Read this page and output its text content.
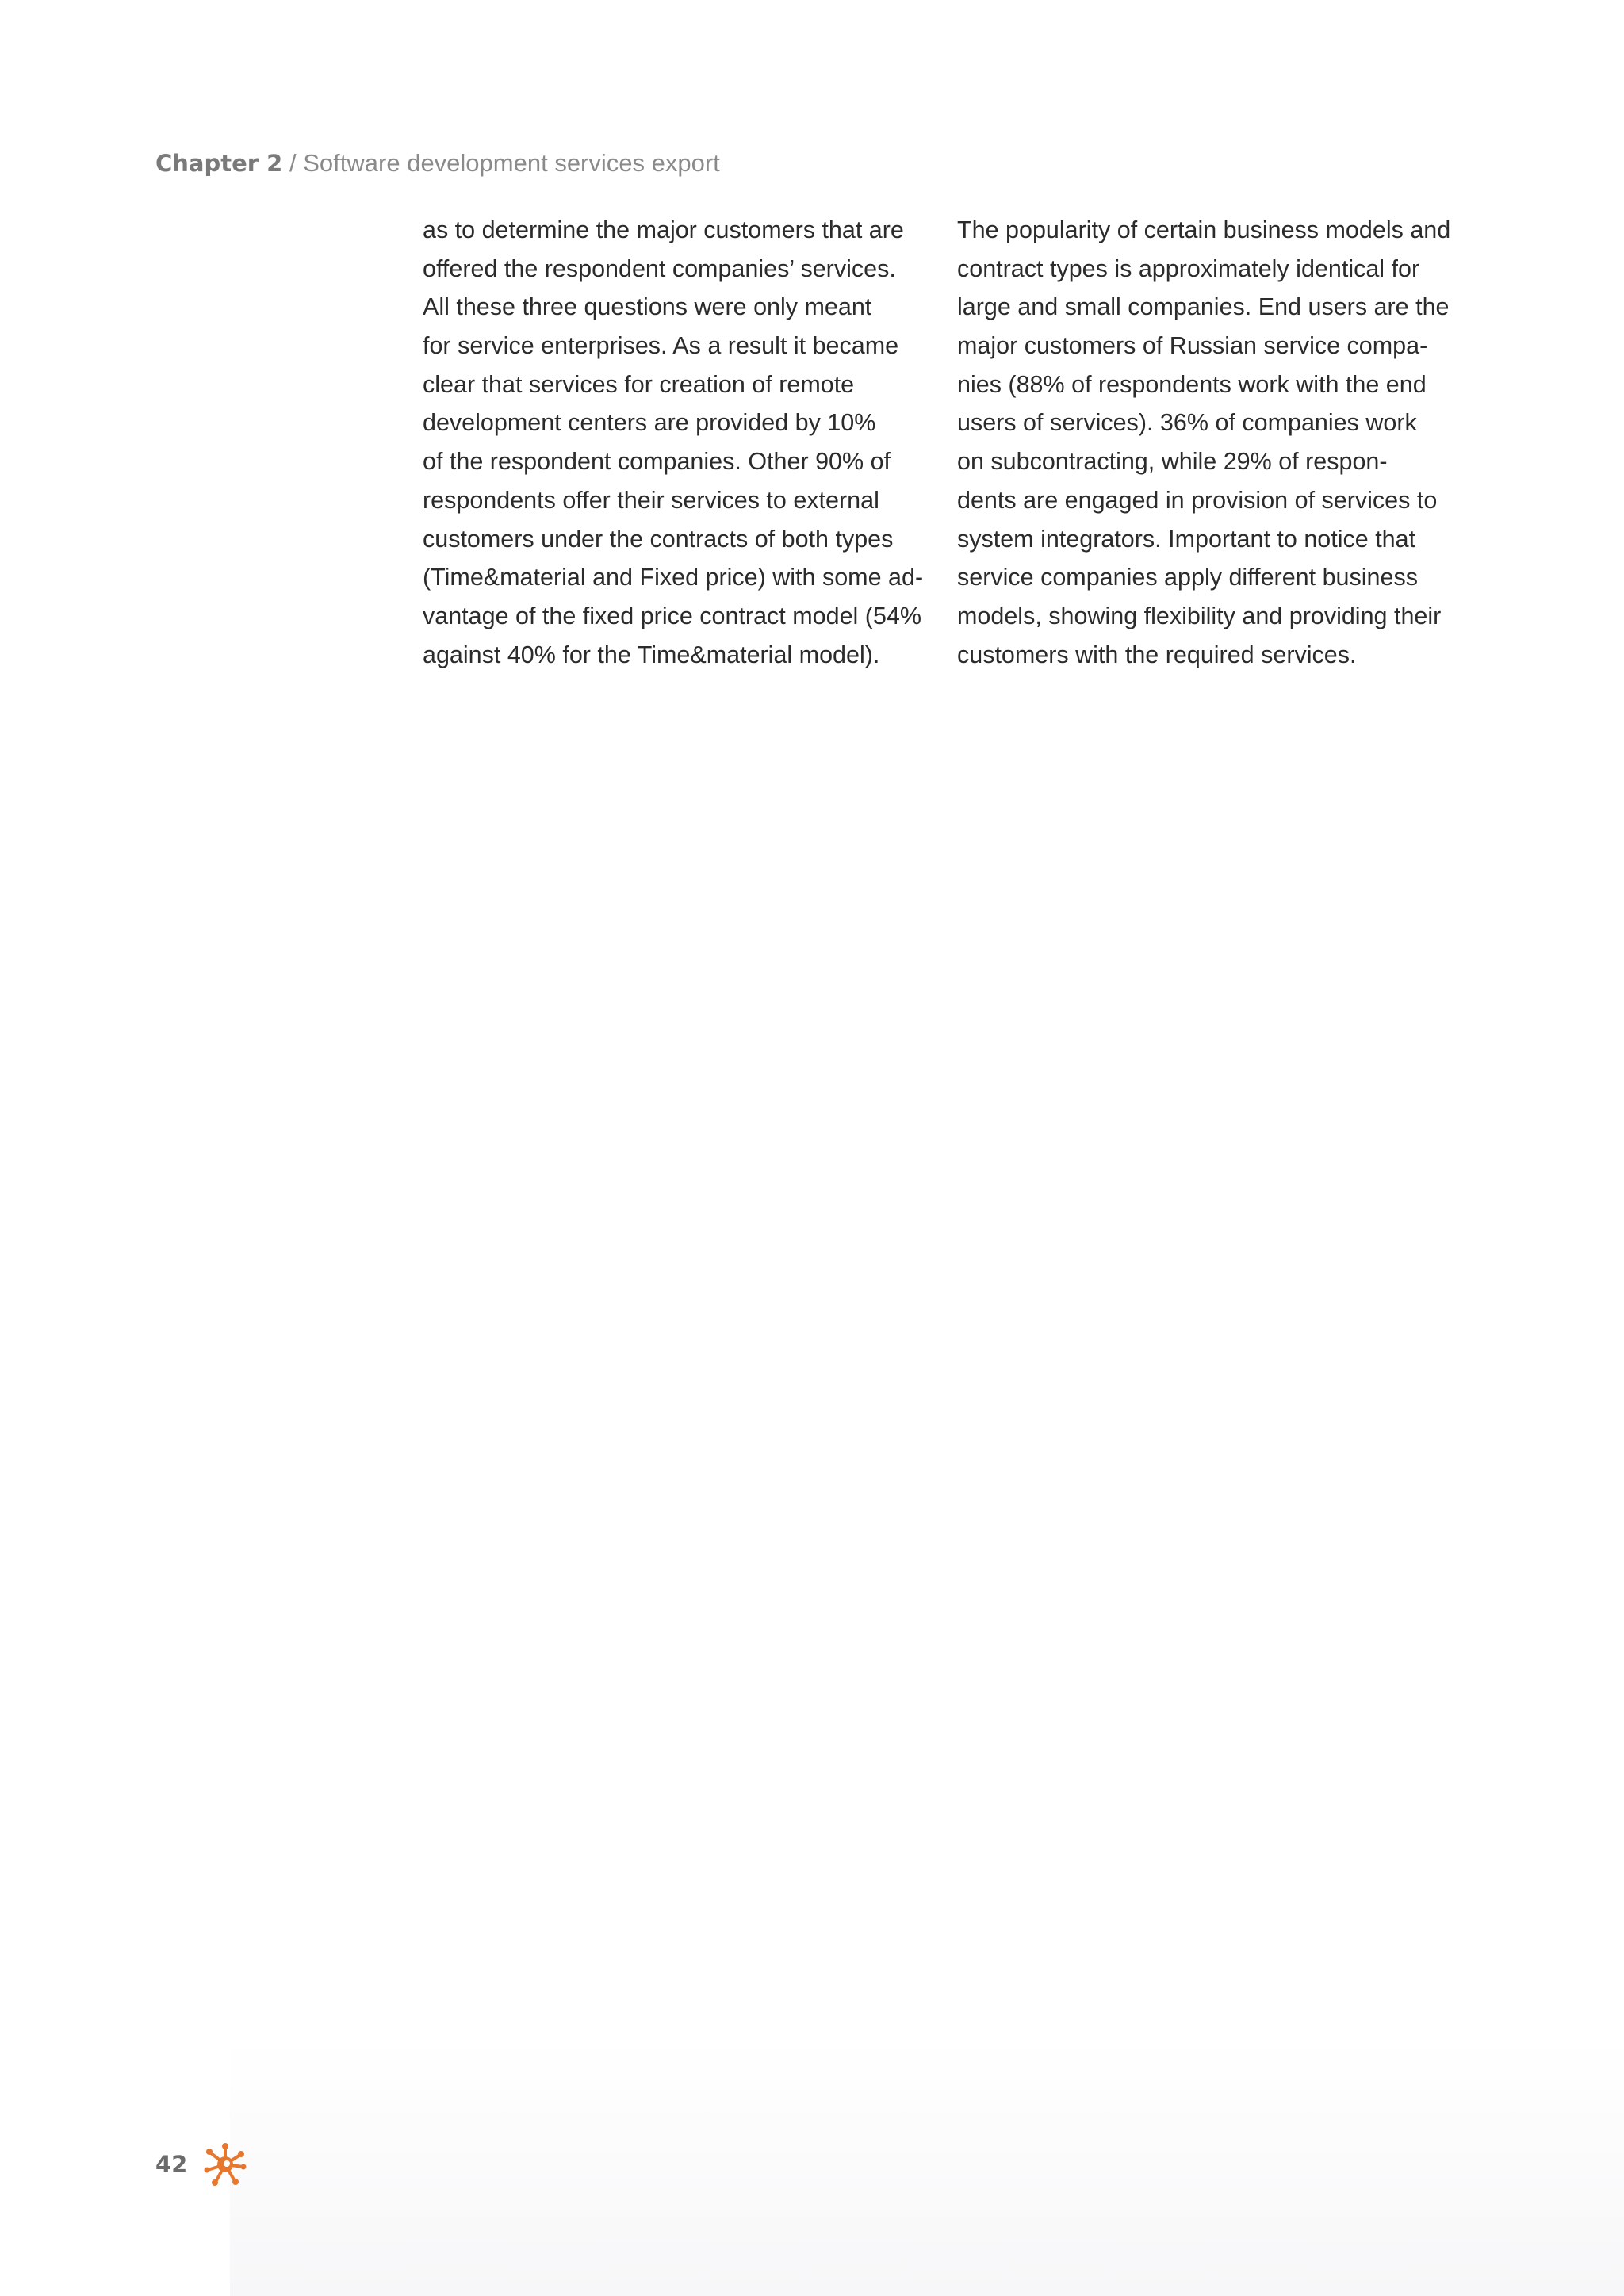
Chapter 2 / Software development services export
as to determine the major customers that are
offered the respondent companies’ services.
All these three questions were only meant
for service enterprises. As a result it became
clear that services for creation of remote
development centers are provided by 10%
of the respondent companies. Other 90% of
respondents offer their services to external
customers under the contracts of both types
(Time&material and Fixed price) with some ad-
vantage of the fixed price contract model (54%
against 40% for the Time&material model).
The popularity of certain business models and
contract types is approximately identical for
large and small companies. End users are the
major customers of Russian service compa-
nies (88% of respondents work with the end
users of services). 36% of companies work
on subcontracting, while 29% of respon-
dents are engaged in provision of services to
system integrators. Important to notice that
service companies apply different business
models, showing flexibility and providing their
customers with the required services.
42
